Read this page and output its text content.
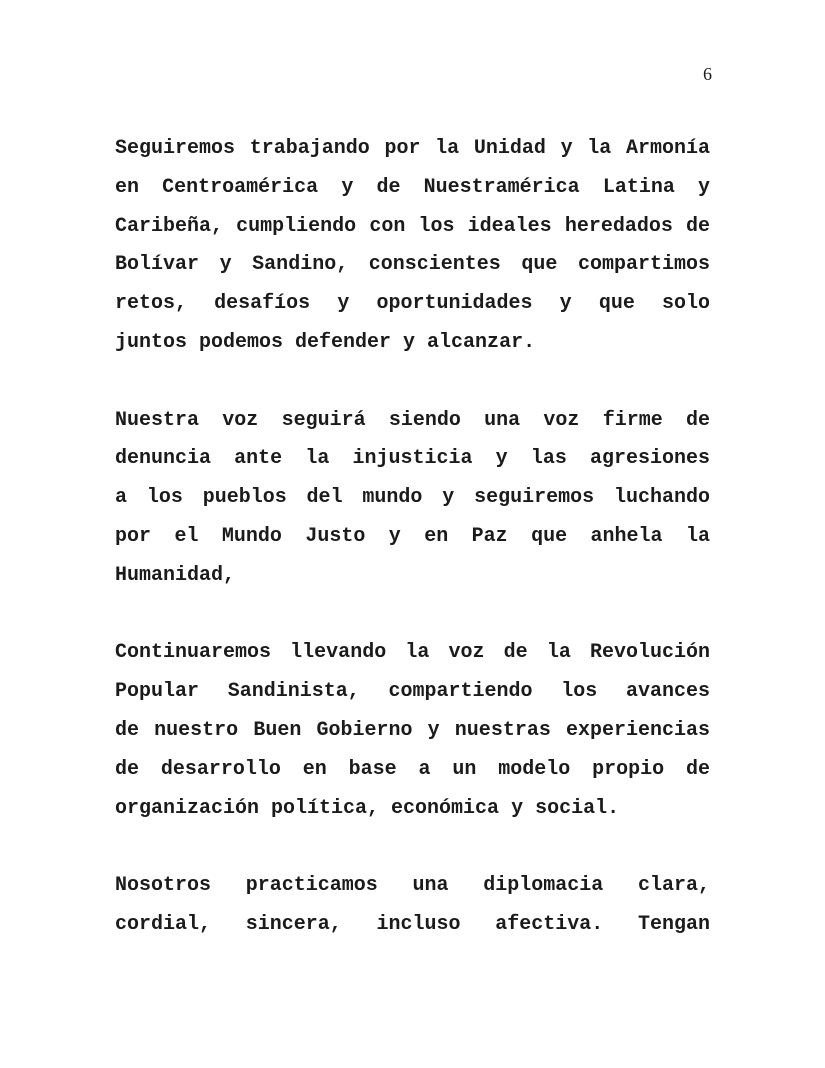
6
Seguiremos trabajando por la Unidad y la Armonía
en Centroamérica y de Nuestramérica Latina y
Caribeña, cumpliendo con los ideales heredados de
Bolívar y Sandino, conscientes que compartimos
retos, desafíos y oportunidades y que solo
juntos podemos defender y alcanzar.
Nuestra voz seguirá siendo una voz firme de
denuncia ante la injusticia y las agresiones
a los pueblos del mundo y seguiremos luchando
por el Mundo Justo y en Paz que anhela la
Humanidad,
Continuaremos llevando la voz de la Revolución
Popular Sandinista, compartiendo los avances
de nuestro Buen Gobierno y nuestras experiencias
de desarrollo en base a un modelo propio de
organización política, económica y social.
Nosotros practicamos una diplomacia clara,
cordial, sincera, incluso afectiva. Tengan
